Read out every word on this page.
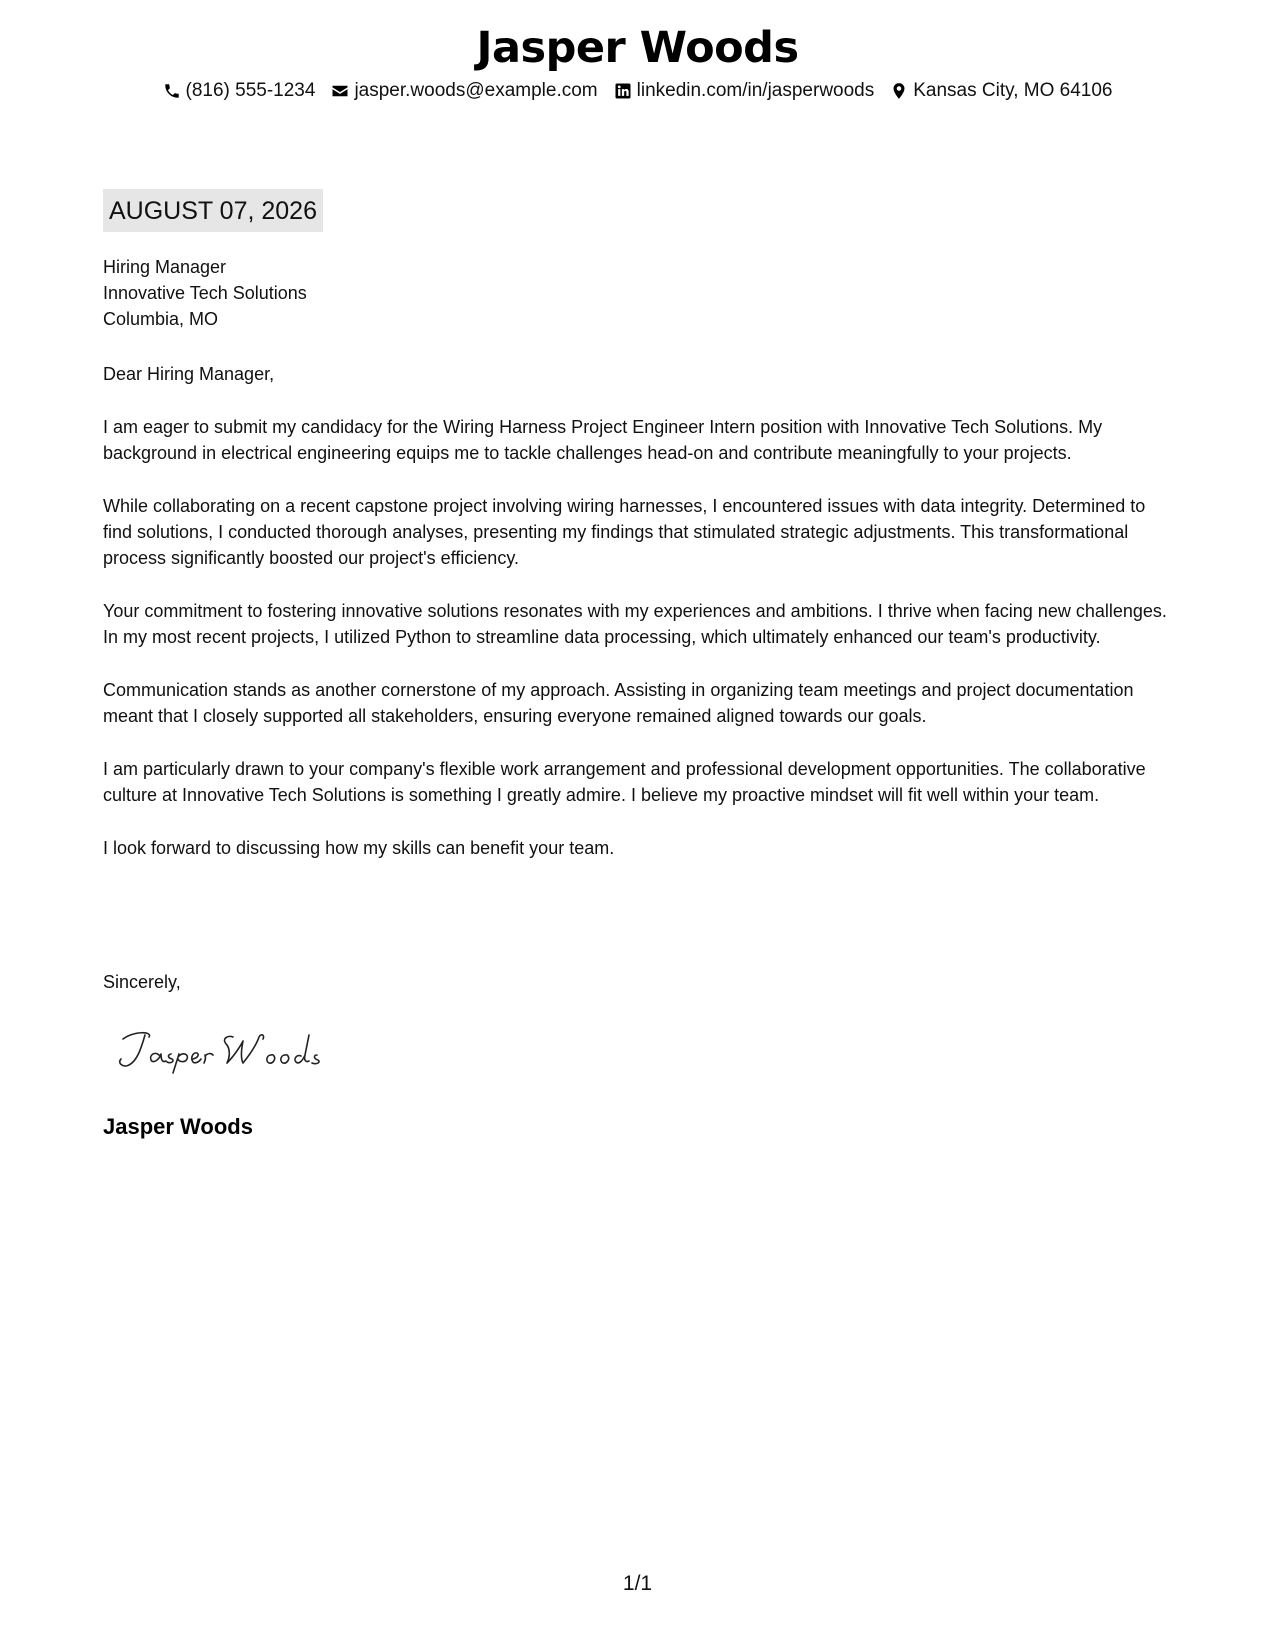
Jasper Woods
(816) 555-1234 jasper.woods@example.com linkedin.com/in/jasperwoods Kansas City, MO 64106
AUGUST 07, 2026
Hiring Manager
Innovative Tech Solutions
Columbia, MO

Dear Hiring Manager,

I am eager to submit my candidacy for the Wiring Harness Project Engineer Intern position with Innovative Tech Solutions. My background in electrical engineering equips me to tackle challenges head-on and contribute meaningfully to your projects.

While collaborating on a recent capstone project involving wiring harnesses, I encountered issues with data integrity. Determined to find solutions, I conducted thorough analyses, presenting my findings that stimulated strategic adjustments. This transformational process significantly boosted our project's efficiency.

Your commitment to fostering innovative solutions resonates with my experiences and ambitions. I thrive when facing new challenges. In my most recent projects, I utilized Python to streamline data processing, which ultimately enhanced our team's productivity.

Communication stands as another cornerstone of my approach. Assisting in organizing team meetings and project documentation meant that I closely supported all stakeholders, ensuring everyone remained aligned towards our goals.

I am particularly drawn to your company's flexible work arrangement and professional development opportunities. The collaborative culture at Innovative Tech Solutions is something I greatly admire. I believe my proactive mindset will fit well within your team.

I look forward to discussing how my skills can benefit your team.

Sincerely,
Jasper Woods
1/1
